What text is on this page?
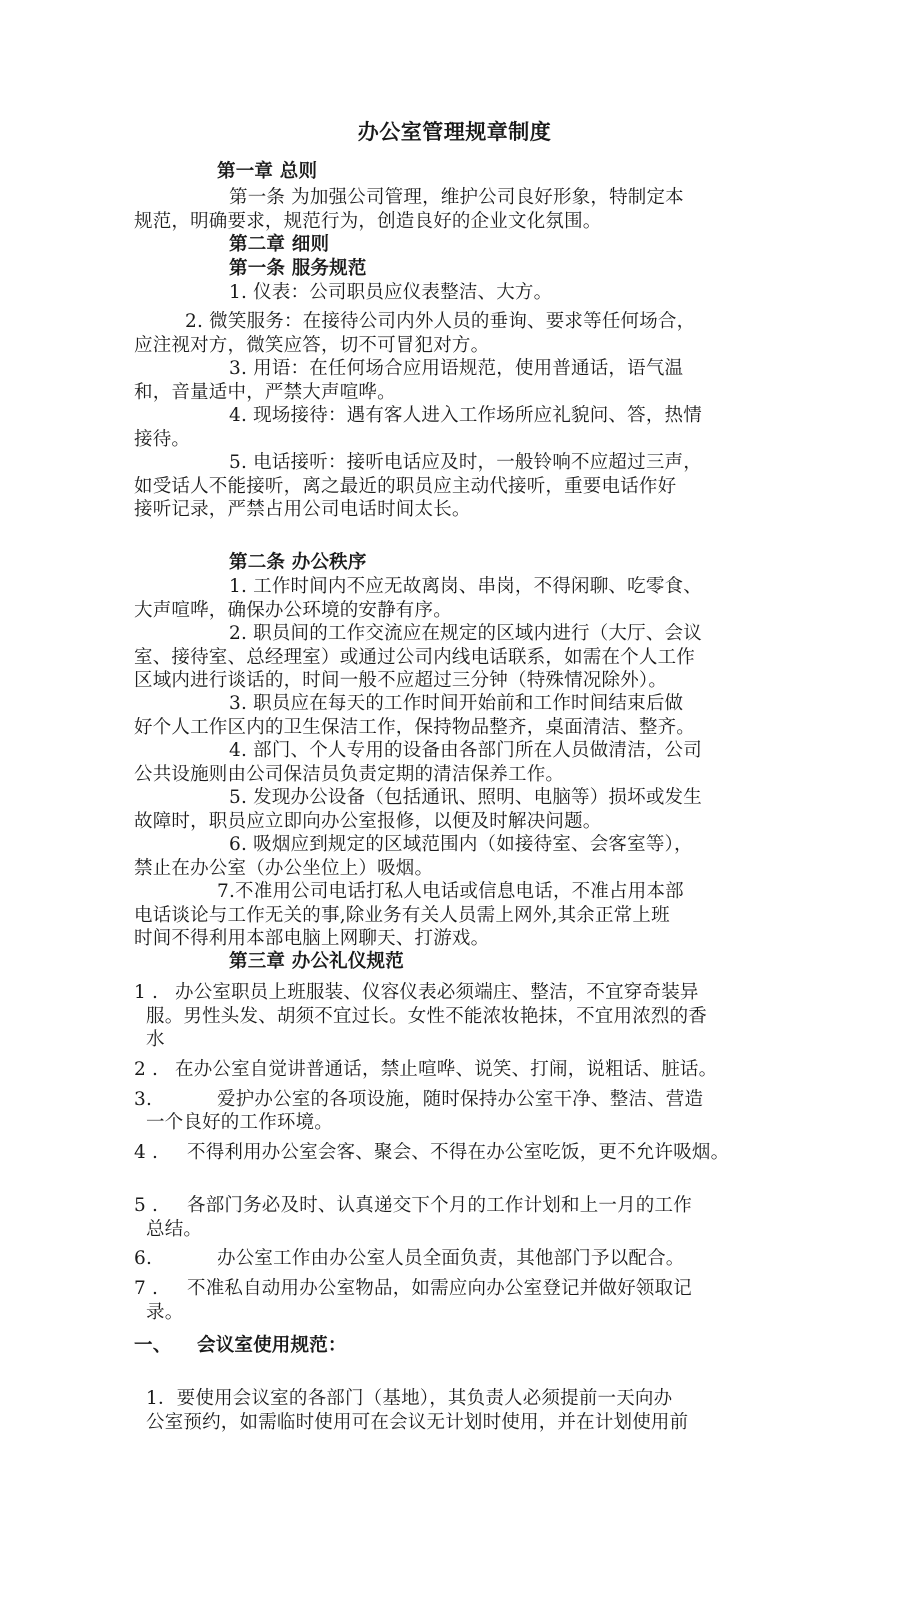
办公室管理规章制度
第一章 总则
第一条 为加强公司管理，维护公司良好形象，特制定本
规范，明确要求，规范行为，创造良好的企业文化氛围。
第二章 细则
第一条 服务规范
1. 仪表：公司职员应仪表整洁、大方。
2. 微笑服务：在接待公司内外人员的垂询、要求等任何场合，
应注视对方，微笑应答，切不可冒犯对方。
3. 用语：在任何场合应用语规范，使用普通话，语气温
和，音量适中，严禁大声喧哗。
4. 现场接待：遇有客人进入工作场所应礼貌问、答，热情
接待。
5. 电话接听：接听电话应及时，一般铃响不应超过三声，
如受话人不能接听，离之最近的职员应主动代接听，重要电话作好
接听记录，严禁占用公司电话时间太长。
第二条 办公秩序
1. 工作时间内不应无故离岗、串岗，不得闲聊、吃零食、
大声喧哗，确保办公环境的安静有序。
2. 职员间的工作交流应在规定的区域内进行（大厅、会议
室、接待室、总经理室）或通过公司内线电话联系，如需在个人工作
区域内进行谈话的，时间一般不应超过三分钟（特殊情况除外）。
3. 职员应在每天的工作时间开始前和工作时间结束后做
好个人工作区内的卫生保洁工作，保持物品整齐，桌面清洁、整齐。
4. 部门、个人专用的设备由各部门所在人员做清洁，公司
公共设施则由公司保洁员负责定期的清洁保养工作。
5. 发现办公设备（包括通讯、照明、电脑等）损坏或发生
故障时，职员应立即向办公室报修，以便及时解决问题。
6. 吸烟应到规定的区域范围内（如接待室、会客室等），
禁止在办公室（办公坐位上）吸烟。
7.不准用公司电话打私人电话或信息电话，不准占用本部
电话谈论与工作无关的事,除业务有关人员需上网外,其余正常上班
时间不得利用本部电脑上网聊天、打游戏。
第三章 办公礼仪规范
1 . 办公室职员上班服装、仪容仪表必须端庄、整洁，不宜穿奇装异
服。男性头发、胡须不宜过长。女性不能浓妆艳抹，不宜用浓烈的香
水
2 . 在办公室自觉讲普通话，禁止喧哗、说笑、打闹，说粗话、脏话。
3.	爱护办公室的各项设施，随时保持办公室干净、整洁、营造
一个良好的工作环境。
4 . 不得利用办公室会客、聚会、不得在办公室吃饭，更不允许吸烟。
5 . 各部门务必及时、认真递交下个月的工作计划和上一月的工作
总结。
6.	办公室工作由办公室人员全面负责，其他部门予以配合。
7 . 不准私自动用办公室物品，如需应向办公室登记并做好领取记
录。
一、 会议室使用规范：
1．要使用会议室的各部门（基地），其负责人必须提前一天向办
公室预约，如需临时使用可在会议无计划时使用，并在计划使用前
